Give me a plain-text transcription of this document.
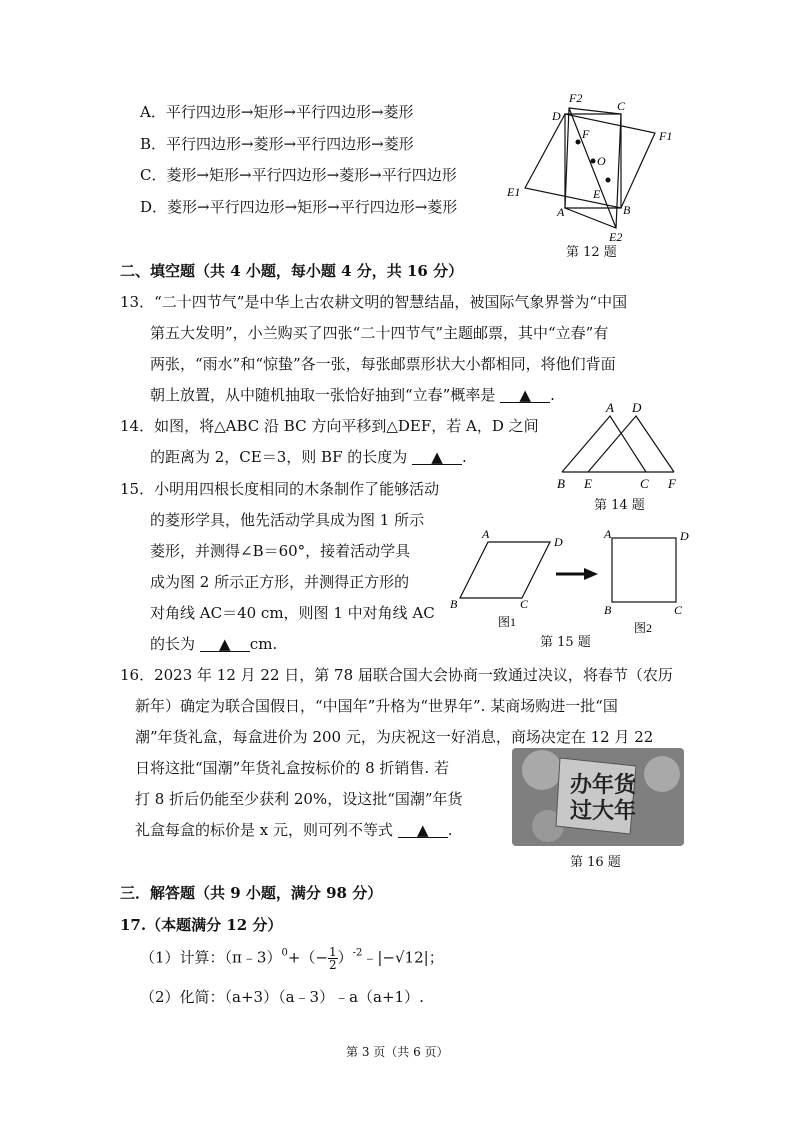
A．平行四边形→矩形→平行四边形→菱形
B．平行四边形→菱形→平行四边形→菱形
C．菱形→矩形→平行四边形→菱形→平行四边形
D．菱形→平行四边形→矩形→平行四边形→菱形
F2
C
D
F	F1
O
E1	E
A	B
E2
第 12 题
二、填空题（共 4 小题，每小题 4 分，共 16 分）
13．“二十四节气”是中华上古农耕文明的智慧结晶，被国际气象界誉为“中国
第五大发明”，小兰购买了四张“二十四节气”主题邮票，其中“立春”有
两张，“雨水”和“惊蛰”各一张，每张邮票形状大小都相同，将他们背面
朝上放置，从中随机抽取一张恰好抽到“立春”概率是 ▲ .
14．如图，将△ABC 沿 BC 方向平移到△DEF，若 A，D 之间
的距离为 2，CE＝3，则 BF 的长度为 ▲ .
A D
B E	C F
第 14 题
15．小明用四根长度相同的木条制作了能够活动
的菱形学具，他先活动学具成为图 1 所示
菱形，并测得∠B＝60°，接着活动学具
成为图 2 所示正方形，并测得正方形的
对角线 AC＝40 cm，则图 1 中对角线 AC
的长为 ▲ cm.
A
D
B	C
A	D
B	C
图1	图2
第 15 题
16．2023 年 12 月 22 日，第 78 届联合国大会协商一致通过决议，将春节（农历
新年）确定为联合国假日，“中国年”升格为“世界年”. 某商场购进一批“国
潮”年货礼盒，每盒进价为 200 元，为庆祝这一好消息，商场决定在 12 月 22
日将这批“国潮”年货礼盒按标价的 8 折销售. 若
打 8 折后仍能至少获利 20%，设这批“国潮”年货
礼盒每盒的标价是 x 元，则可列不等式 ▲ .
办年货
过大年
第 16 题
三．解答题（共 9 小题，满分 98 分）
17.（本题满分 12 分）
（1）计算：（π﹣3）$^0$+（− $\frac{1}{2}$ ）$^{-2}$﹣|−√12|；
（2）化简：（a+3）（a﹣3）﹣a（a+1）.
第 3 页（共 6 页）
